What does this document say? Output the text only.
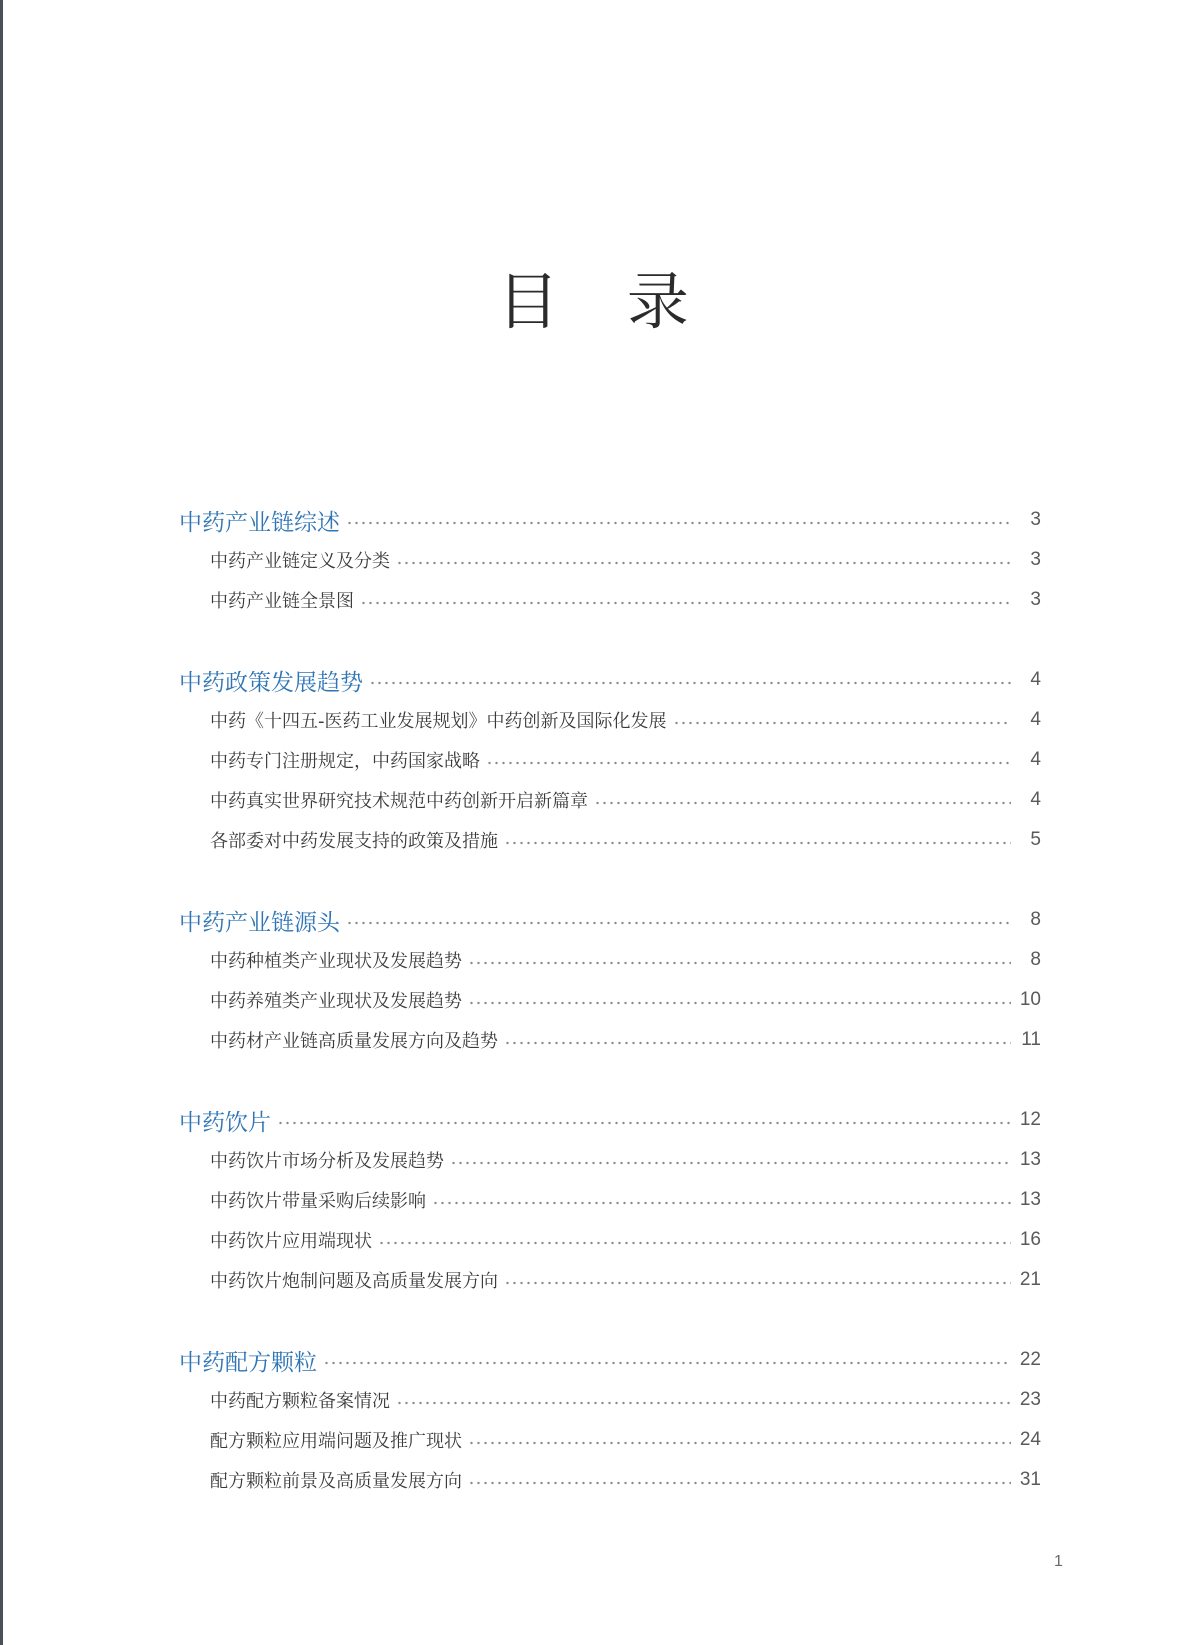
目 录
中药产业链综述	3
中药产业链定义及分类	3
中药产业链全景图	3
中药政策发展趋势	4
中药《十四五-医药工业发展规划》中药创新及国际化发展	4
中药专门注册规定，中药国家战略	4
中药真实世界研究技术规范中药创新开启新篇章	4
各部委对中药发展支持的政策及措施	5
中药产业链源头	8
中药种植类产业现状及发展趋势	8
中药养殖类产业现状及发展趋势	10
中药材产业链高质量发展方向及趋势	11
中药饮片	12
中药饮片市场分析及发展趋势	13
中药饮片带量采购后续影响	13
中药饮片应用端现状	16
中药饮片炮制问题及高质量发展方向	21
中药配方颗粒	22
中药配方颗粒备案情况	23
配方颗粒应用端问题及推广现状	24
配方颗粒前景及高质量发展方向	31
1
